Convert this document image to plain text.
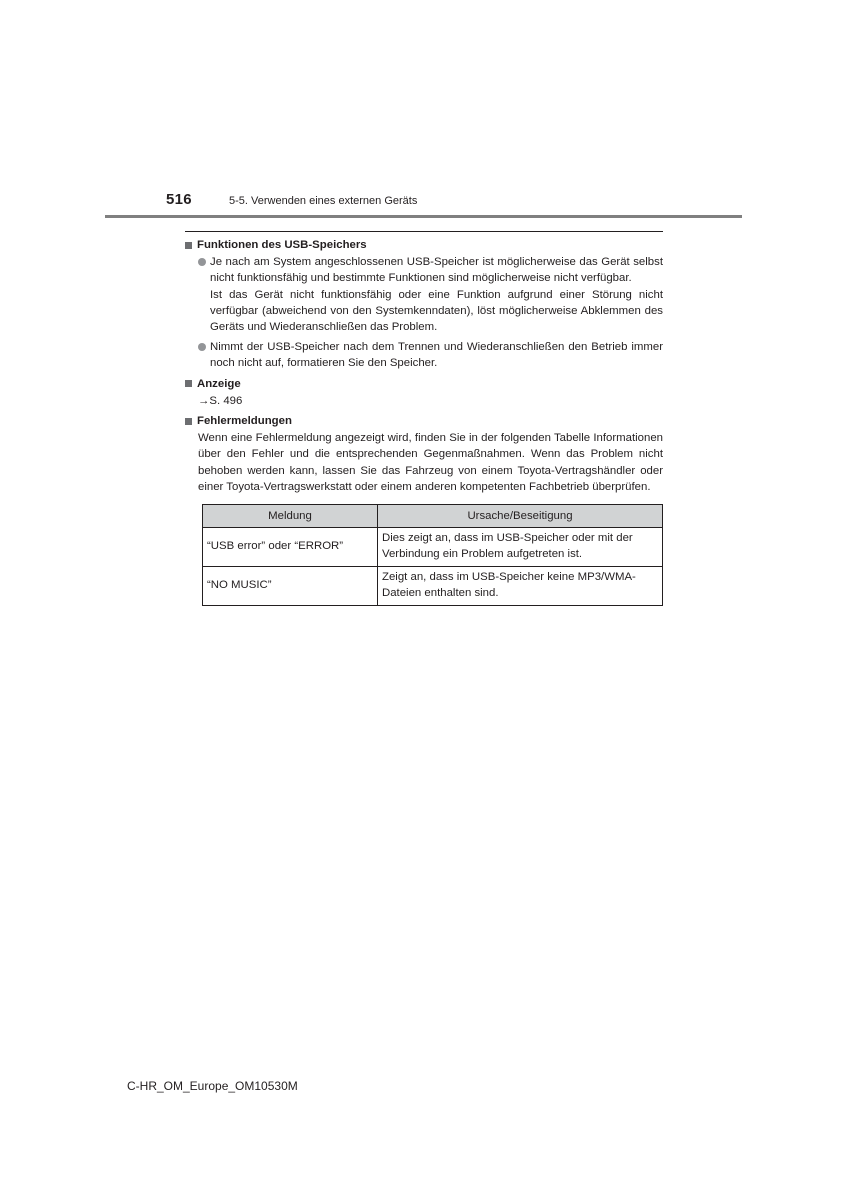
516	5-5. Verwenden eines externen Geräts
Funktionen des USB-Speichers
Je nach am System angeschlossenen USB-Speicher ist möglicherweise das Gerät selbst nicht funktionsfähig und bestimmte Funktionen sind möglicherweise nicht verfügbar.
Ist das Gerät nicht funktionsfähig oder eine Funktion aufgrund einer Störung nicht verfügbar (abweichend von den Systemkenndaten), löst möglicherweise Abklemmen des Geräts und Wiederanschließen das Problem.
Nimmt der USB-Speicher nach dem Trennen und Wiederanschließen den Betrieb immer noch nicht auf, formatieren Sie den Speicher.
Anzeige
→S. 496
Fehlermeldungen
Wenn eine Fehlermeldung angezeigt wird, finden Sie in der folgenden Tabelle Informationen über den Fehler und die entsprechenden Gegenmaßnahmen. Wenn das Problem nicht behoben werden kann, lassen Sie das Fahrzeug von einem Toyota-Vertragshändler oder einer Toyota-Vertragswerkstatt oder einem anderen kompetenten Fachbetrieb überprüfen.
Meldung	Ursache/Beseitigung
“USB error” oder “ERROR”	Dies zeigt an, dass im USB-Speicher oder mit der Verbindung ein Problem aufgetreten ist.
“NO MUSIC”	Zeigt an, dass im USB-Speicher keine MP3/WMA-Dateien enthalten sind.
C-HR_OM_Europe_OM10530M
